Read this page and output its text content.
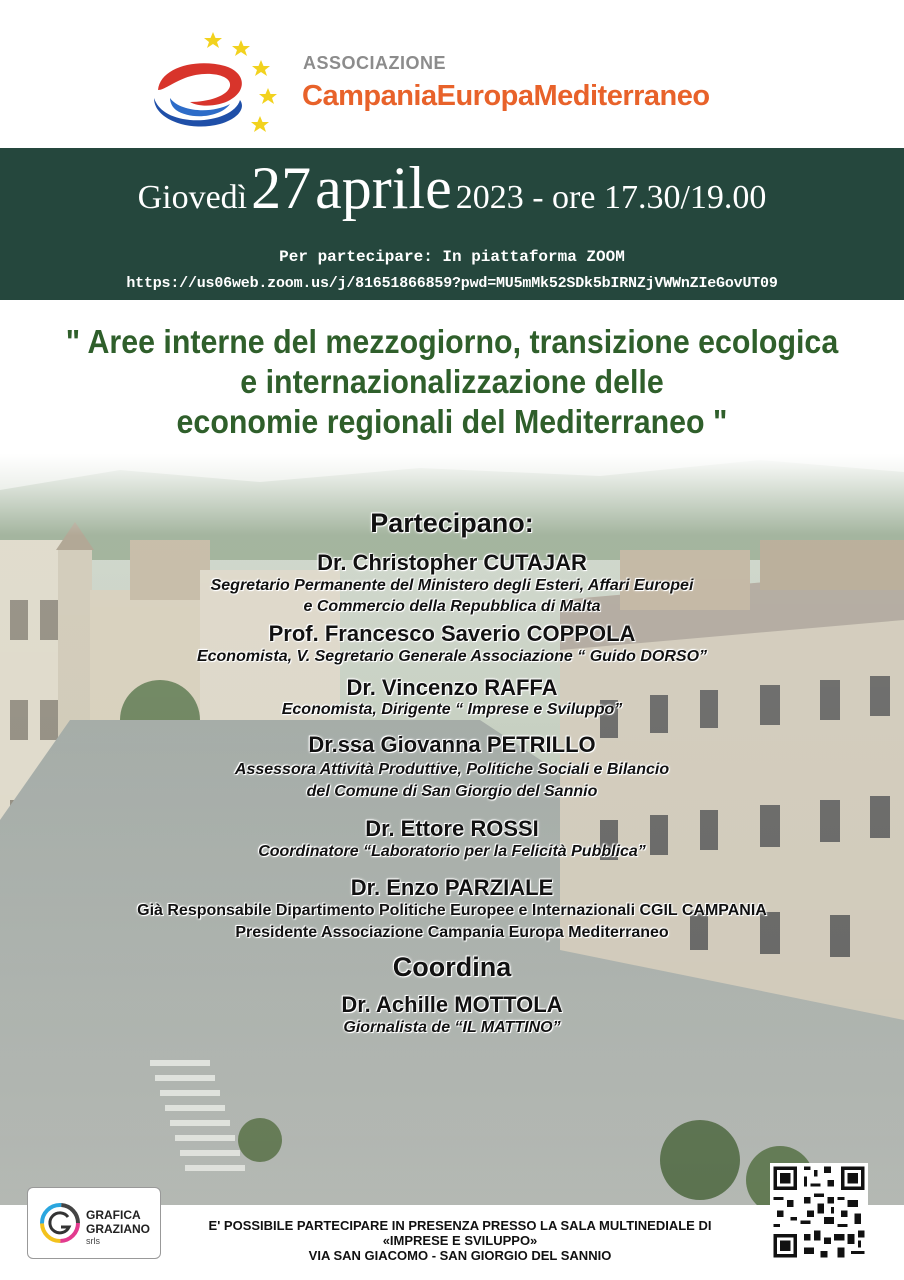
ASSOCIAZIONE
CampaniaEuropaMediterraneo
Giovedì 27 aprile 2023 - ore 17.30/19.00
Per partecipare: In piattaforma ZOOM
https://us06web.zoom.us/j/81651866859?pwd=MU5mMk52SDk5bIRNZjVWWnZIeGovUT09
" Aree interne del mezzogiorno, transizione ecologica
e internazionalizzazione delle
economie regionali del Mediterraneo "
Partecipano:
Dr. Christopher CUTAJAR
Segretario Permanente del Ministero degli Esteri, Affari Europei
e Commercio della Repubblica di Malta
Prof. Francesco Saverio COPPOLA
Economista, V. Segretario Generale Associazione “ Guido DORSO”
Dr. Vincenzo RAFFA
Economista, Dirigente “ Imprese e Sviluppo”
Dr.ssa Giovanna PETRILLO
Assessora Attività Produttive, Politiche Sociali e Bilancio
del Comune di San Giorgio del Sannio
Dr. Ettore ROSSI
Coordinatore “Laboratorio per la Felicità Pubblica”
Dr. Enzo PARZIALE
Già Responsabile Dipartimento Politiche Europee e Internazionali CGIL CAMPANIA
Presidente Associazione Campania Europa Mediterraneo
Coordina
Dr. Achille MOTTOLA
Giornalista de “IL MATTINO”
GRAFICA
GRAZIANO
srls
E' POSSIBILE PARTECIPARE IN PRESENZA PRESSO LA SALA MULTINEDIALE DI
«IMPRESE E SVILUPPO»
VIA SAN GIACOMO - SAN GIORGIO DEL SANNIO
